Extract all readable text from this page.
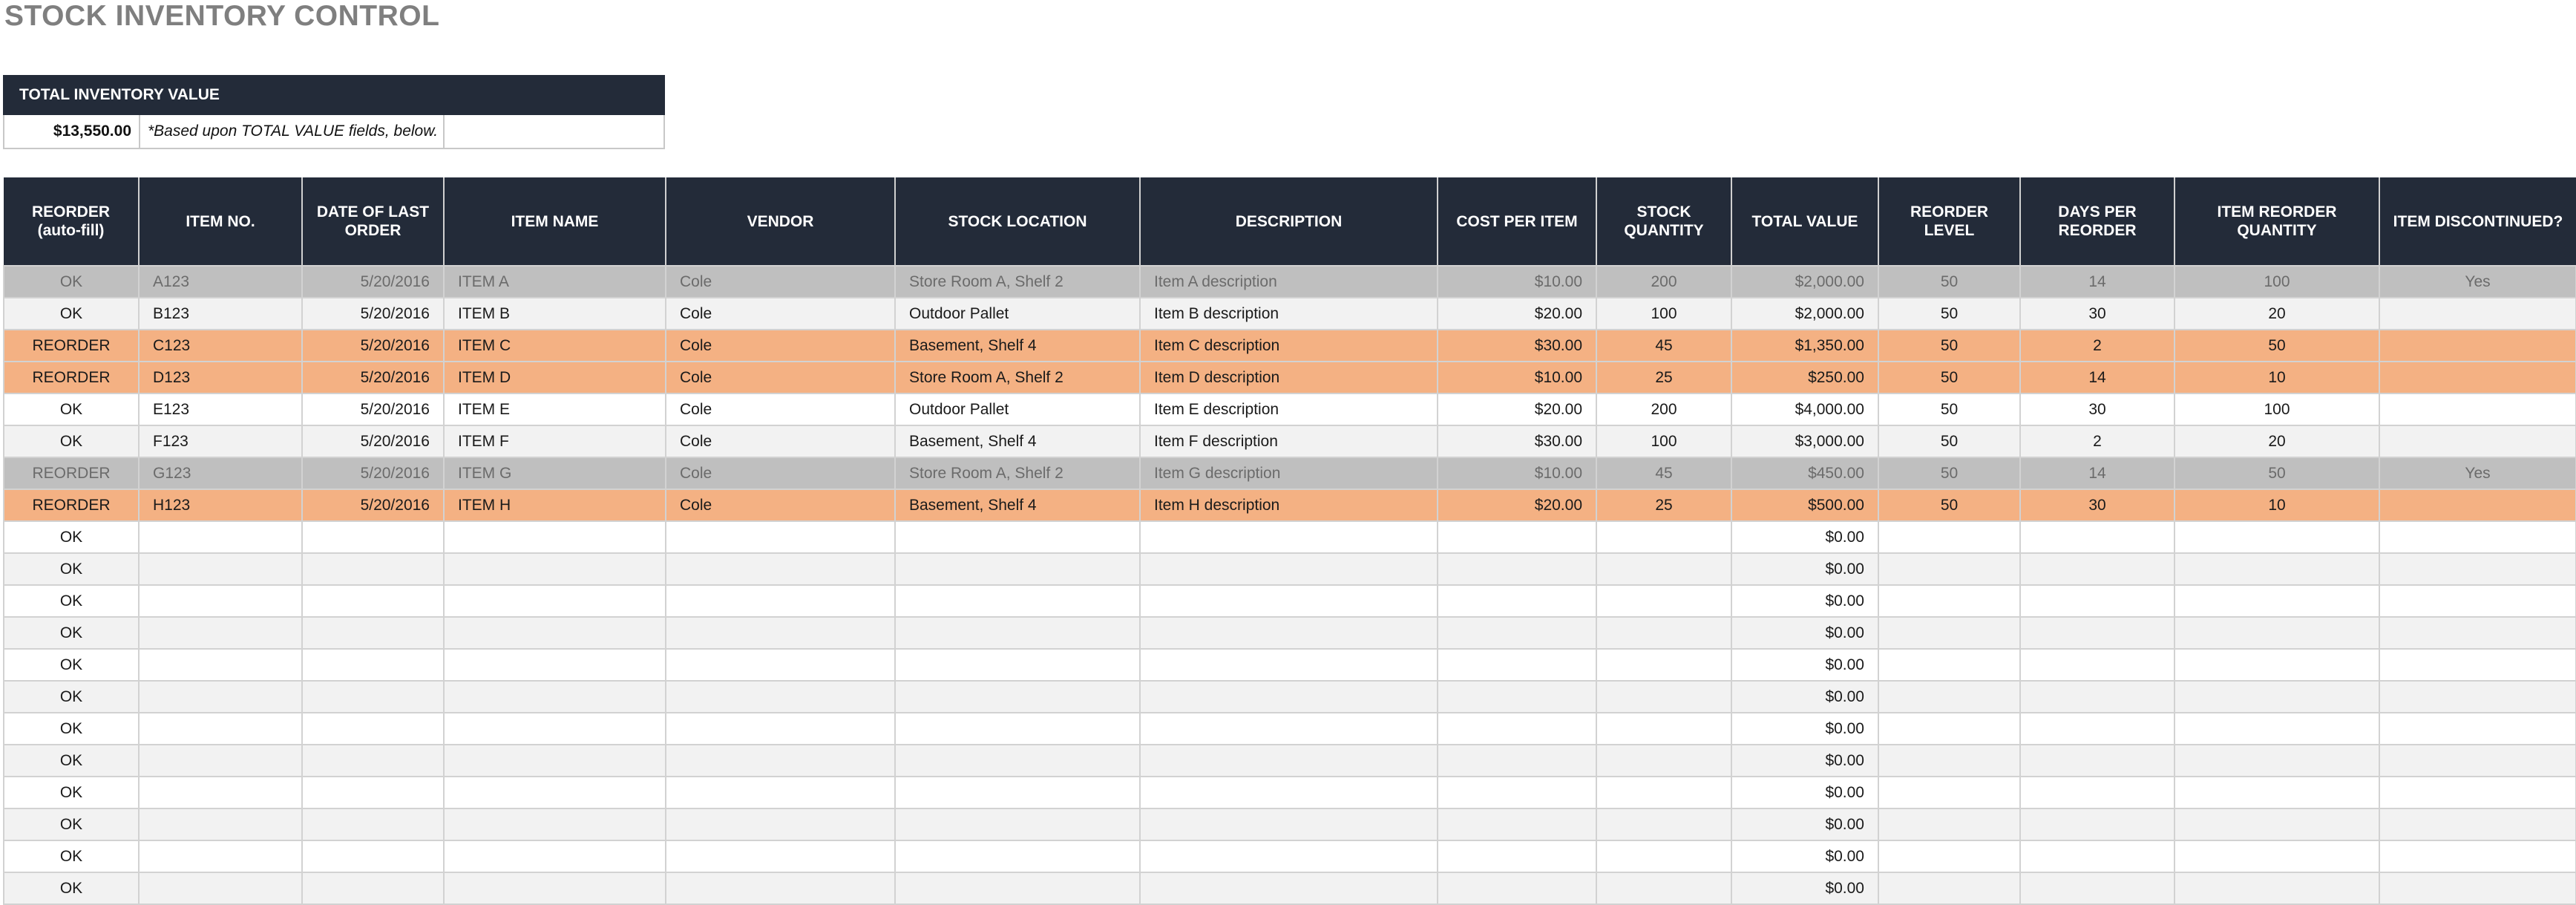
STOCK INVENTORY CONTROL
TOTAL INVENTORY VALUE
$13,550.00	*Based upon TOTAL VALUE fields, below.	
REORDER (auto-fill)	ITEM NO.	DATE OF LAST ORDER	ITEM NAME	VENDOR	STOCK LOCATION	DESCRIPTION	COST PER ITEM	STOCK QUANTITY	TOTAL VALUE	REORDER LEVEL	DAYS PER REORDER	ITEM REORDER QUANTITY	ITEM DISCONTINUED?
OK	A123	5/20/2016	ITEM A	Cole	Store Room A, Shelf 2	Item A description	$10.00	200	$2,000.00	50	14	100	Yes
OK	B123	5/20/2016	ITEM B	Cole	Outdoor Pallet	Item B description	$20.00	100	$2,000.00	50	30	20	
REORDER	C123	5/20/2016	ITEM C	Cole	Basement, Shelf 4	Item C description	$30.00	45	$1,350.00	50	2	50	
REORDER	D123	5/20/2016	ITEM D	Cole	Store Room A, Shelf 2	Item D description	$10.00	25	$250.00	50	14	10	
OK	E123	5/20/2016	ITEM E	Cole	Outdoor Pallet	Item E description	$20.00	200	$4,000.00	50	30	100	
OK	F123	5/20/2016	ITEM F	Cole	Basement, Shelf 4	Item F description	$30.00	100	$3,000.00	50	2	20	
REORDER	G123	5/20/2016	ITEM G	Cole	Store Room A, Shelf 2	Item G description	$10.00	45	$450.00	50	14	50	Yes
REORDER	H123	5/20/2016	ITEM H	Cole	Basement, Shelf 4	Item H description	$20.00	25	$500.00	50	30	10	
OK									$0.00				
OK									$0.00				
OK									$0.00				
OK									$0.00				
OK									$0.00				
OK									$0.00				
OK									$0.00				
OK									$0.00				
OK									$0.00				
OK									$0.00				
OK									$0.00				
OK									$0.00				
